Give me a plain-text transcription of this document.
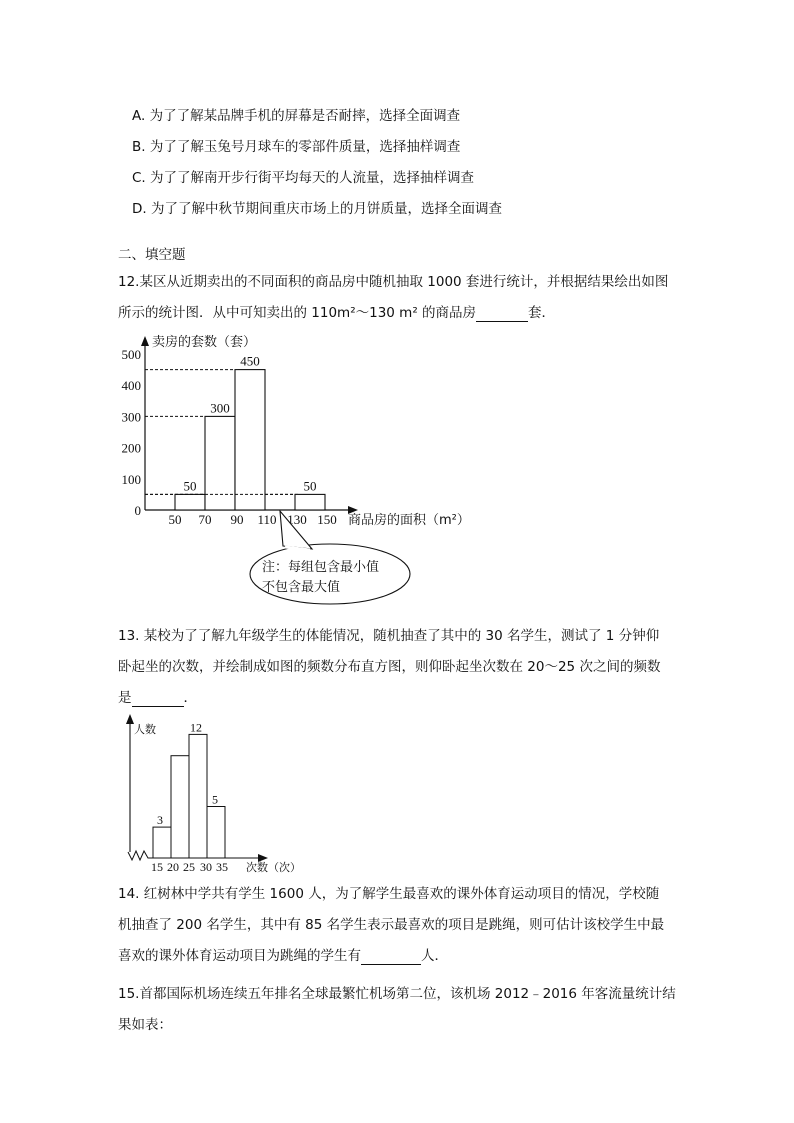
A. 为了了解某品牌手机的屏幕是否耐摔，选择全面调查
B. 为了了解玉兔号月球车的零部件质量，选择抽样调查
C. 为了了解南开步行街平均每天的人流量，选择抽样调查
D. 为了了解中秋节期间重庆市场上的月饼质量，选择全面调查
二、填空题
12.某区从近期卖出的不同面积的商品房中随机抽取 1000 套进行统计，并根据结果绘出如图
所示的统计图．从中可知卖出的 110m²～130 m² 的商品房	套．
0
100
200
300
400
500
50 70 90 110 130 150
50
300
450
50
卖房的套数（套）
商品房的面积（m²）
注：每组包含最小值
不包含最大值
13. 某校为了了解九年级学生的体能情况，随机抽查了其中的 30 名学生，测试了 1 分钟仰
卧起坐的次数，并绘制成如图的频数分布直方图，则仰卧起坐次数在 20～25 次之间的频数
是	．
15 20 25 30 35
3
12
5
人数
次数（次）
14. 红树林中学共有学生 1600 人，为了解学生最喜欢的课外体育运动项目的情况，学校随
机抽查了 200 名学生，其中有 85 名学生表示最喜欢的项目是跳绳，则可估计该校学生中最
喜欢的课外体育运动项目为跳绳的学生有	人．
15.首都国际机场连续五年排名全球最繁忙机场第二位，该机场 2012﹣2016 年客流量统计结
果如表：
